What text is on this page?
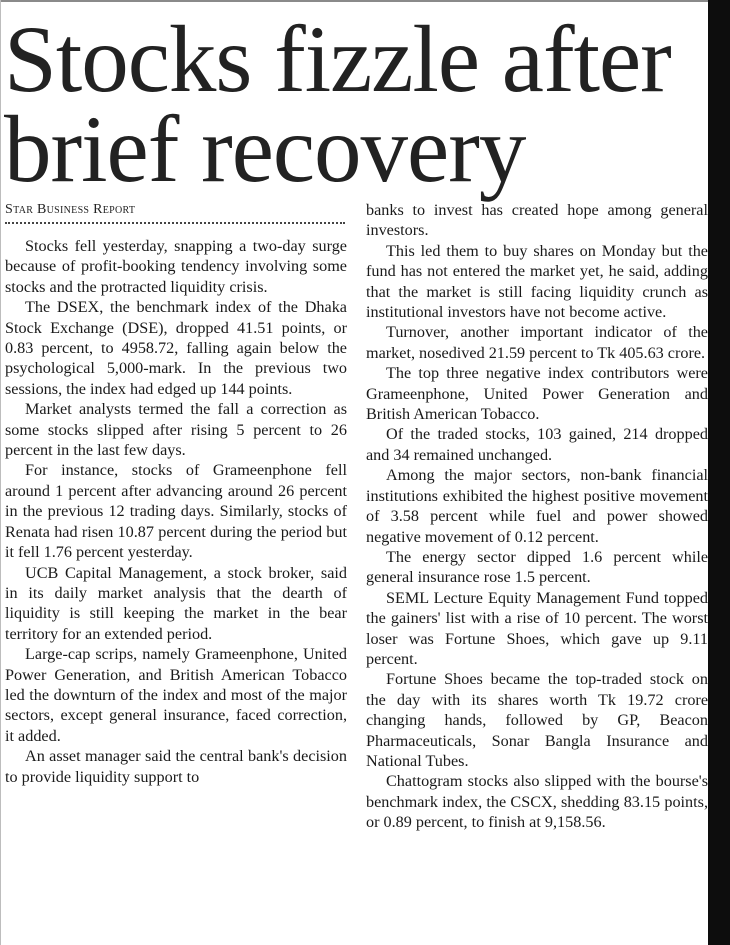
Stocks fizzle after brief recovery
Star Business Report

Stocks fell yesterday, snapping a two-day surge because of profit-booking tendency involving some stocks and the protracted liquidity crisis.

The DSEX, the benchmark index of the Dhaka Stock Exchange (DSE), dropped 41.51 points, or 0.83 percent, to 4958.72, falling again below the psychological 5,000-mark. In the previous two sessions, the index had edged up 144 points.

Market analysts termed the fall a correction as some stocks slipped after rising 5 percent to 26 percent in the last few days.

For instance, stocks of Grameenphone fell around 1 percent after advancing around 26 percent in the previous 12 trading days. Similarly, stocks of Renata had risen 10.87 percent during the period but it fell 1.76 percent yesterday.

UCB Capital Management, a stock broker, said in its daily market analysis that the dearth of liquidity is still keeping the market in the bear territory for an extended period.

Large-cap scrips, namely Grameenphone, United Power Generation, and British American Tobacco led the downturn of the index and most of the major sectors, except general insurance, faced correction, it added.

An asset manager said the central bank's decision to provide liquidity support to

banks to invest has created hope among general investors.

This led them to buy shares on Monday but the fund has not entered the market yet, he said, adding that the market is still facing liquidity crunch as institutional investors have not become active.

Turnover, another important indicator of the market, nosedived 21.59 percent to Tk 405.63 crore.

The top three negative index contributors were Grameenphone, United Power Generation and British American Tobacco.

Of the traded stocks, 103 gained, 214 dropped and 34 remained unchanged.

Among the major sectors, non-bank financial institutions exhibited the highest positive movement of 3.58 percent while fuel and power showed negative movement of 0.12 percent.

The energy sector dipped 1.6 percent while general insurance rose 1.5 percent.

SEML Lecture Equity Management Fund topped the gainers' list with a rise of 10 percent. The worst loser was Fortune Shoes, which gave up 9.11 percent.

Fortune Shoes became the top-traded stock on the day with its shares worth Tk 19.72 crore changing hands, followed by GP, Beacon Pharmaceuticals, Sonar Bangla Insurance and National Tubes.

Chattogram stocks also slipped with the bourse's benchmark index, the CSCX, shedding 83.15 points, or 0.89 percent, to finish at 9,158.56.
